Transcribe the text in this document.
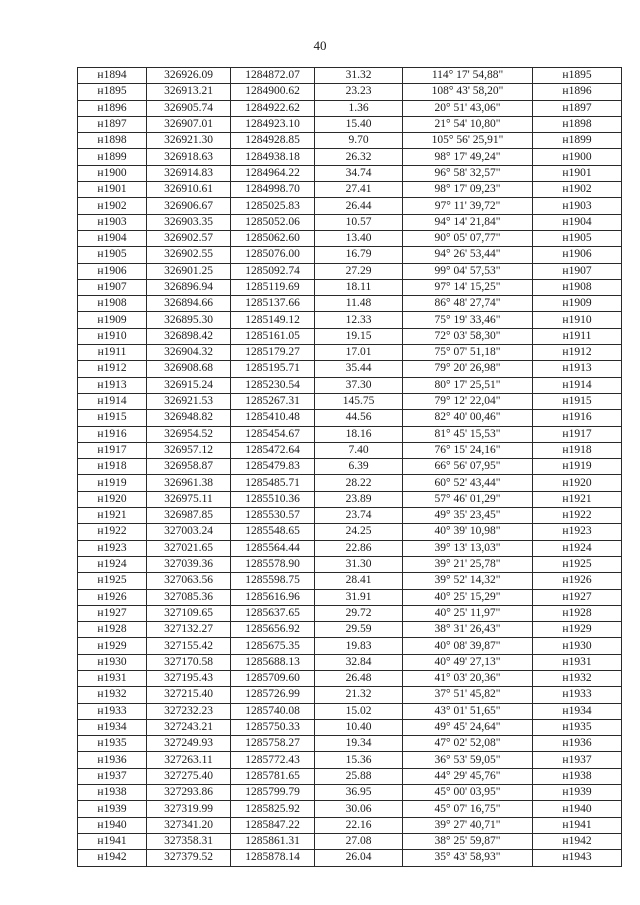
40
н1894	326926.09	1284872.07	31.32	114° 17' 54,88"	н1895
н1895	326913.21	1284900.62	23.23	108° 43' 58,20"	н1896
н1896	326905.74	1284922.62	1.36	20° 51' 43,06"	н1897
н1897	326907.01	1284923.10	15.40	21° 54' 10,80"	н1898
н1898	326921.30	1284928.85	9.70	105° 56' 25,91"	н1899
н1899	326918.63	1284938.18	26.32	98° 17' 49,24"	н1900
н1900	326914.83	1284964.22	34.74	96° 58' 32,57"	н1901
н1901	326910.61	1284998.70	27.41	98° 17' 09,23"	н1902
н1902	326906.67	1285025.83	26.44	97° 11' 39,72"	н1903
н1903	326903.35	1285052.06	10.57	94° 14' 21,84"	н1904
н1904	326902.57	1285062.60	13.40	90° 05' 07,77"	н1905
н1905	326902.55	1285076.00	16.79	94° 26' 53,44"	н1906
н1906	326901.25	1285092.74	27.29	99° 04' 57,53"	н1907
н1907	326896.94	1285119.69	18.11	97° 14' 15,25"	н1908
н1908	326894.66	1285137.66	11.48	86° 48' 27,74"	н1909
н1909	326895.30	1285149.12	12.33	75° 19' 33,46"	н1910
н1910	326898.42	1285161.05	19.15	72° 03' 58,30"	н1911
н1911	326904.32	1285179.27	17.01	75° 07' 51,18"	н1912
н1912	326908.68	1285195.71	35.44	79° 20' 26,98"	н1913
н1913	326915.24	1285230.54	37.30	80° 17' 25,51"	н1914
н1914	326921.53	1285267.31	145.75	79° 12' 22,04"	н1915
н1915	326948.82	1285410.48	44.56	82° 40' 00,46"	н1916
н1916	326954.52	1285454.67	18.16	81° 45' 15,53"	н1917
н1917	326957.12	1285472.64	7.40	76° 15' 24,16"	н1918
н1918	326958.87	1285479.83	6.39	66° 56' 07,95"	н1919
н1919	326961.38	1285485.71	28.22	60° 52' 43,44"	н1920
н1920	326975.11	1285510.36	23.89	57° 46' 01,29"	н1921
н1921	326987.85	1285530.57	23.74	49° 35' 23,45"	н1922
н1922	327003.24	1285548.65	24.25	40° 39' 10,98"	н1923
н1923	327021.65	1285564.44	22.86	39° 13' 13,03"	н1924
н1924	327039.36	1285578.90	31.30	39° 21' 25,78"	н1925
н1925	327063.56	1285598.75	28.41	39° 52' 14,32"	н1926
н1926	327085.36	1285616.96	31.91	40° 25' 15,29"	н1927
н1927	327109.65	1285637.65	29.72	40° 25' 11,97"	н1928
н1928	327132.27	1285656.92	29.59	38° 31' 26,43"	н1929
н1929	327155.42	1285675.35	19.83	40° 08' 39,87"	н1930
н1930	327170.58	1285688.13	32.84	40° 49' 27,13"	н1931
н1931	327195.43	1285709.60	26.48	41° 03' 20,36"	н1932
н1932	327215.40	1285726.99	21.32	37° 51' 45,82"	н1933
н1933	327232.23	1285740.08	15.02	43° 01' 51,65"	н1934
н1934	327243.21	1285750.33	10.40	49° 45' 24,64"	н1935
н1935	327249.93	1285758.27	19.34	47° 02' 52,08"	н1936
н1936	327263.11	1285772.43	15.36	36° 53' 59,05"	н1937
н1937	327275.40	1285781.65	25.88	44° 29' 45,76"	н1938
н1938	327293.86	1285799.79	36.95	45° 00' 03,95"	н1939
н1939	327319.99	1285825.92	30.06	45° 07' 16,75"	н1940
н1940	327341.20	1285847.22	22.16	39° 27' 40,71"	н1941
н1941	327358.31	1285861.31	27.08	38° 25' 59,87"	н1942
н1942	327379.52	1285878.14	26.04	35° 43' 58,93"	н1943
